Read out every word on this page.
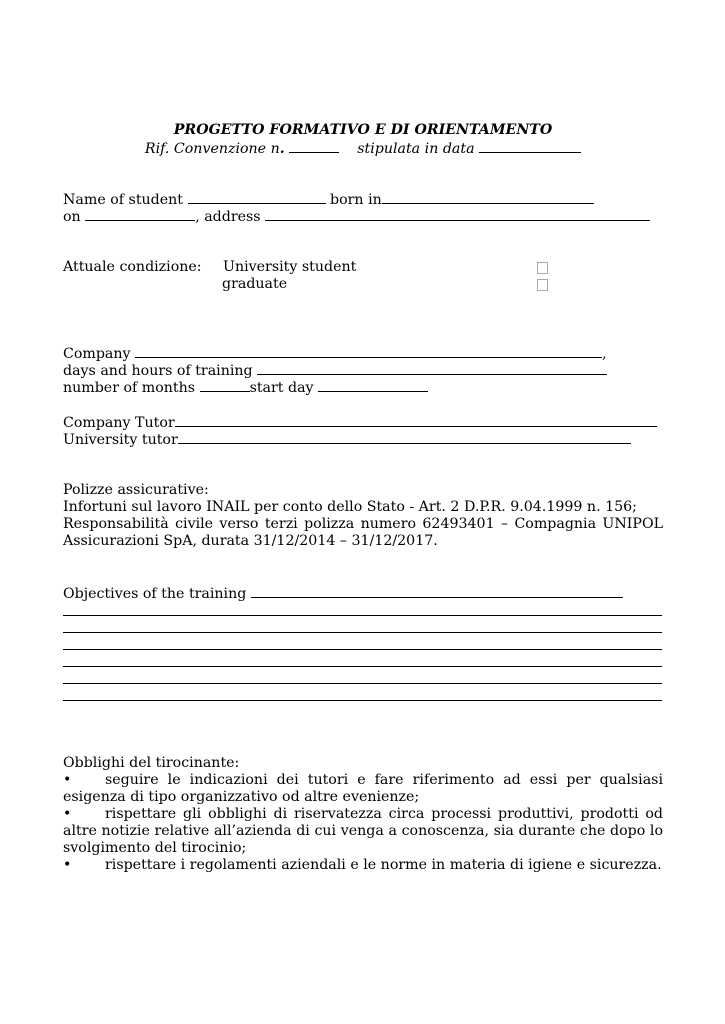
PROGETTO FORMATIVO E DI ORIENTAMENTO
Rif. Convenzione n.	stipulata in data
Name of student	born in
on	, address
Attuale condizione: University student
graduate
Company	,
days and hours of training
number of months	start day
Company Tutor
University tutor
Polizze assicurative:
Infortuni sul lavoro INAIL per conto dello Stato - Art. 2 D.P.R. 9.04.1999 n. 156;
Responsabilità civile verso terzi polizza numero 62493401 – Compagnia UNIPOL Assicurazioni SpA, durata 31/12/2014 – 31/12/2017.
Objectives of the training
Obblighi del tirocinante:
• seguire le indicazioni dei tutori e fare riferimento ad essi per qualsiasi esigenza di tipo organizzativo od altre evenienze;
• rispettare gli obblighi di riservatezza circa processi produttivi, prodotti od altre notizie relative all’azienda di cui venga a conoscenza, sia durante che dopo lo svolgimento del tirocinio;
• rispettare i regolamenti aziendali e le norme in materia di igiene e sicurezza.
